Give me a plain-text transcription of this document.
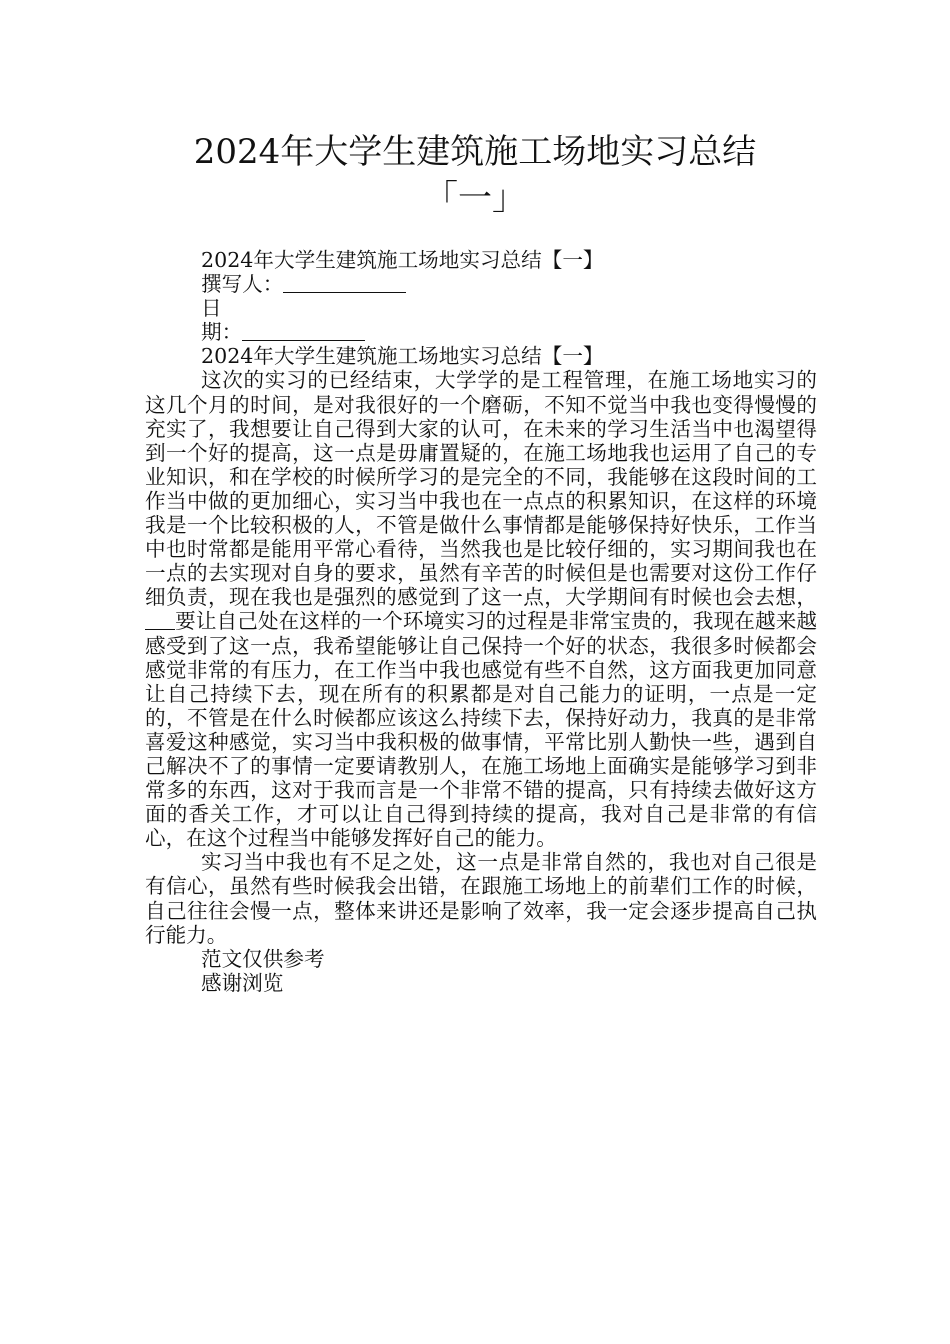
2024年大学生建筑施工场地实习总结
「一」

2024年大学生建筑施工场地实习总结【一】

撰写人：

日

期：

2024年大学生建筑施工场地实习总结【一】

这次的实习的已经结束，大学学的是工程管理，在施工场地实习的这几个月的时间，是对我很好的一个磨砺，不知不觉当中我也变得慢慢的充实了，我想要让自己得到大家的认可，在未来的学习生活当中也渴望得到一个好的提高，这一点是毋庸置疑的，在施工场地我也运用了自己的专业知识，和在学校的时候所学习的是完全的不同，我能够在这段时间的工作当中做的更加细心，实习当中我也在一点点的积累知识，在这样的环境我是一个比较积极的人，不管是做什么事情都是能够保持好快乐，工作当中也时常都是能用平常心看待，当然我也是比较仔细的，实习期间我也在一点的去实现对自身的要求，虽然有辛苦的时候但是也需要对这份工作仔细负责，现在我也是强烈的感觉到了这一点，大学期间有时候也会去想，要让自己处在这样的一个环境实习的过程是非常宝贵的，我现在越来越感受到了这一点，我希望能够让自己保持一个好的状态，我很多时候都会感觉非常的有压力，在工作当中我也感觉有些不自然，这方面我更加同意让自己持续下去，现在所有的积累都是对自己能力的证明，一点是一定的，不管是在什么时候都应该这么持续下去，保持好动力，我真的是非常喜爱这种感觉，实习当中我积极的做事情，平常比别人勤快一些，遇到自己解决不了的事情一定要请教别人，在施工场地上面确实是能够学习到非常多的东西，这对于我而言是一个非常不错的提高，只有持续去做好这方面的香关工作，才可以让自己得到持续的提高，我对自己是非常的有信心，在这个过程当中能够发挥好自己的能力。

实习当中我也有不足之处，这一点是非常自然的，我也对自己很是有信心，虽然有些时候我会出错，在跟施工场地上的前辈们工作的时候，自己往往会慢一点，整体来讲还是影响了效率，我一定会逐步提高自己执行能力。

范文仅供参考

感谢浏览
